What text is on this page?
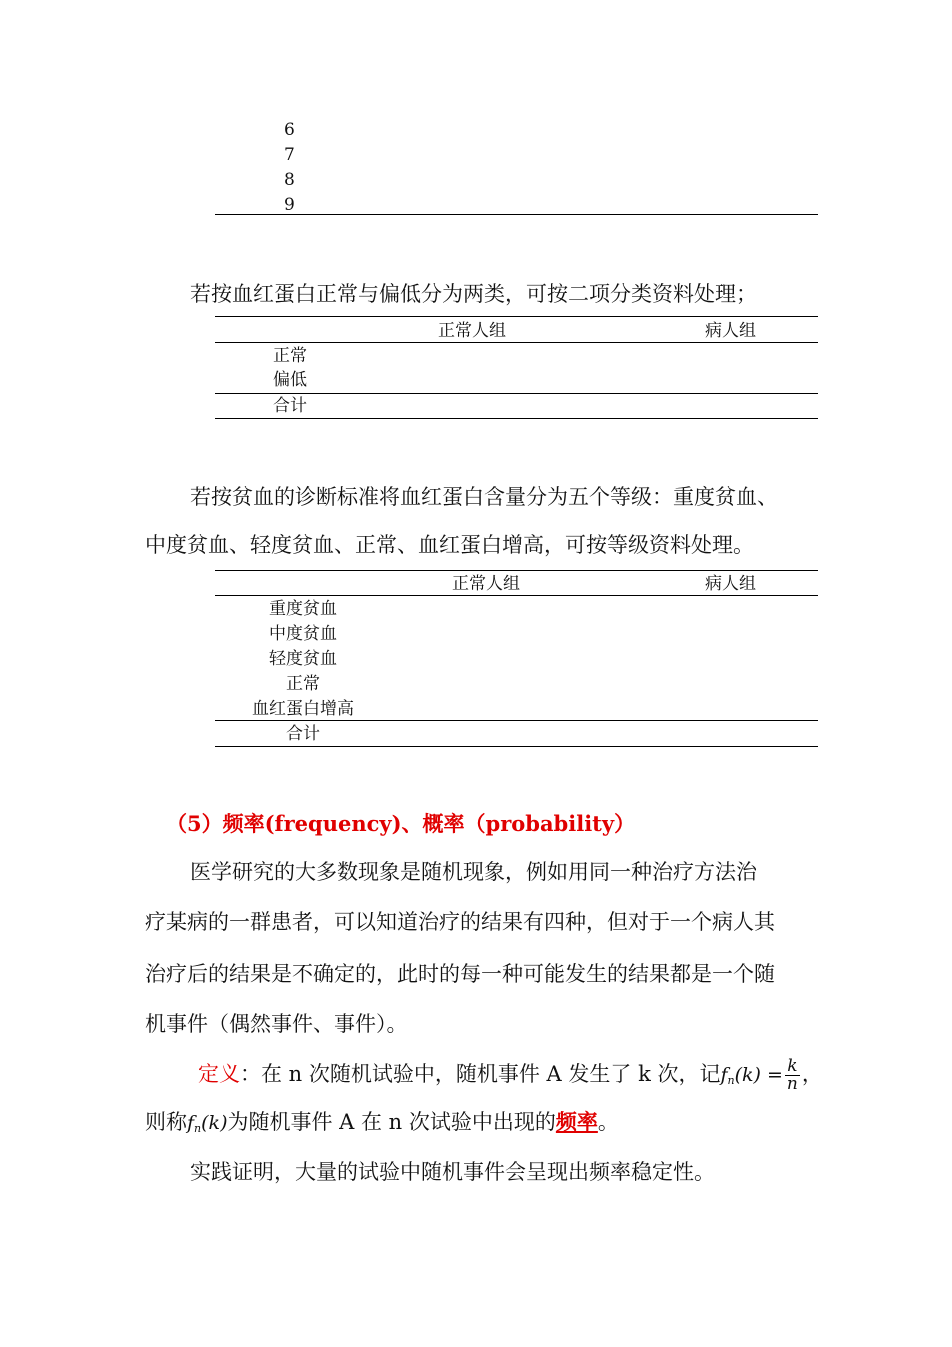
6
7
8
9
若按血红蛋白正常与偏低分为两类，可按二项分类资料处理；
正常人组	病人组
正常
偏低
合计
若按贫血的诊断标准将血红蛋白含量分为五个等级：重度贫血、
中度贫血、轻度贫血、正常、血红蛋白增高，可按等级资料处理。
正常人组	病人组
重度贫血
中度贫血
轻度贫血
正常
血红蛋白增高
合计
（5）频率(frequency)、概率（probability）
医学研究的大多数现象是随机现象，例如用同一种治疗方法治
疗某病的一群患者，可以知道治疗的结果有四种，但对于一个病人其
治疗后的结果是不确定的，此时的每一种可能发生的结果都是一个随
机事件（偶然事件、事件）。
定义：在 n 次随机试验中，随机事件 A 发生了 k 次，记$f_n(k) = \frac{k}{n}$ ，
则称$f_n(k)$为随机事件 A 在 n 次试验中出现的频率。
实践证明，大量的试验中随机事件会呈现出频率稳定性。
